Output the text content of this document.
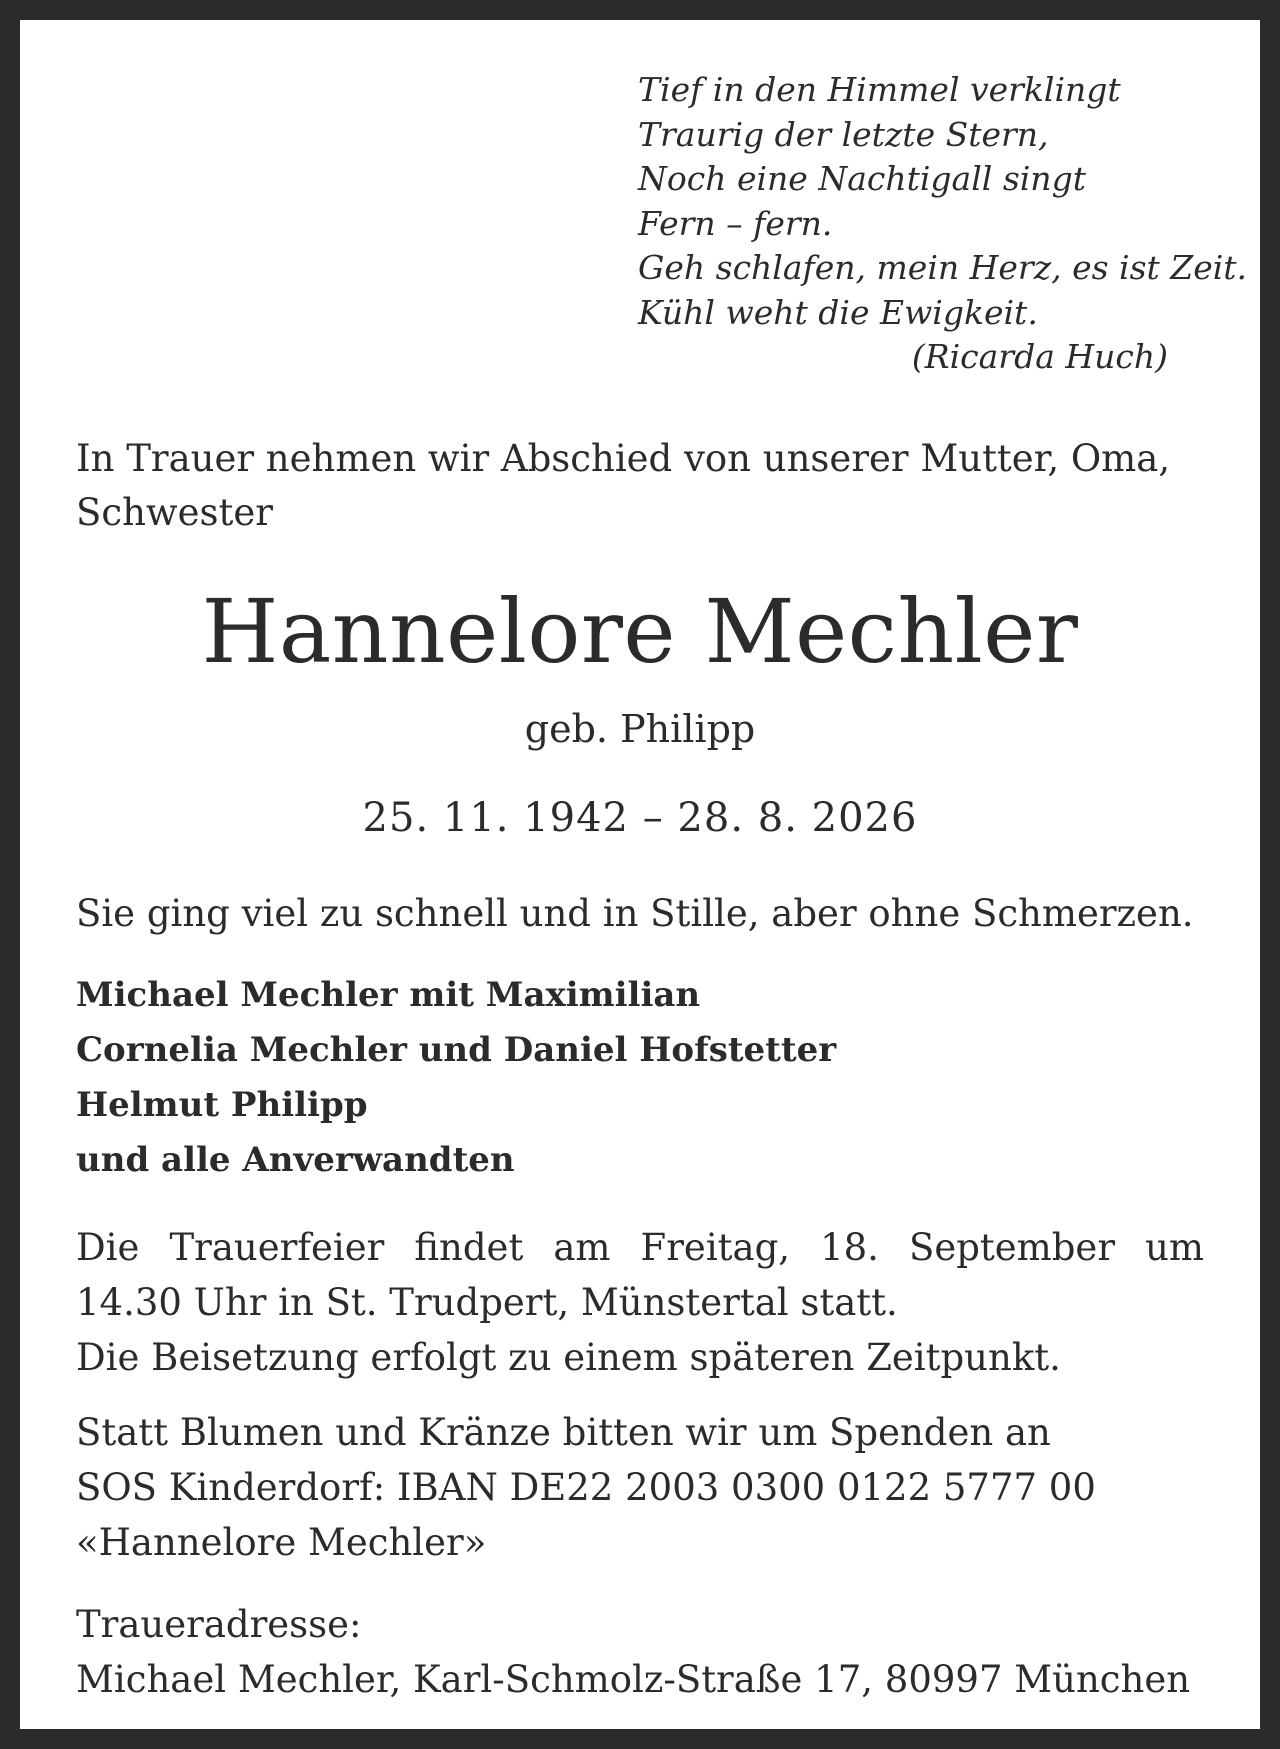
Tief in den Himmel verklingt
Traurig der letzte Stern,
Noch eine Nachtigall singt
Fern – fern.
Geh schlafen, mein Herz, es ist Zeit.
Kühl weht die Ewigkeit.
(Ricarda Huch)
In Trauer nehmen wir Abschied von unserer Mutter, Oma,
Schwester
Hannelore Mechler
geb. Philipp
25. 11. 1942 – 28. 8. 2026
Sie ging viel zu schnell und in Stille, aber ohne Schmerzen.
Michael Mechler mit Maximilian
Cornelia Mechler und Daniel Hofstetter
Helmut Philipp
und alle Anverwandten
Die Trauerfeier findet am Freitag, 18. September um
14.30 Uhr in St. Trudpert, Münstertal statt.
Die Beisetzung erfolgt zu einem späteren Zeitpunkt.
Statt Blumen und Kränze bitten wir um Spenden an
SOS Kinderdorf: IBAN DE22 2003 0300 0122 5777 00
«Hannelore Mechler»
Traueradresse:
Michael Mechler, Karl-Schmolz-Straße 17, 80997 München
